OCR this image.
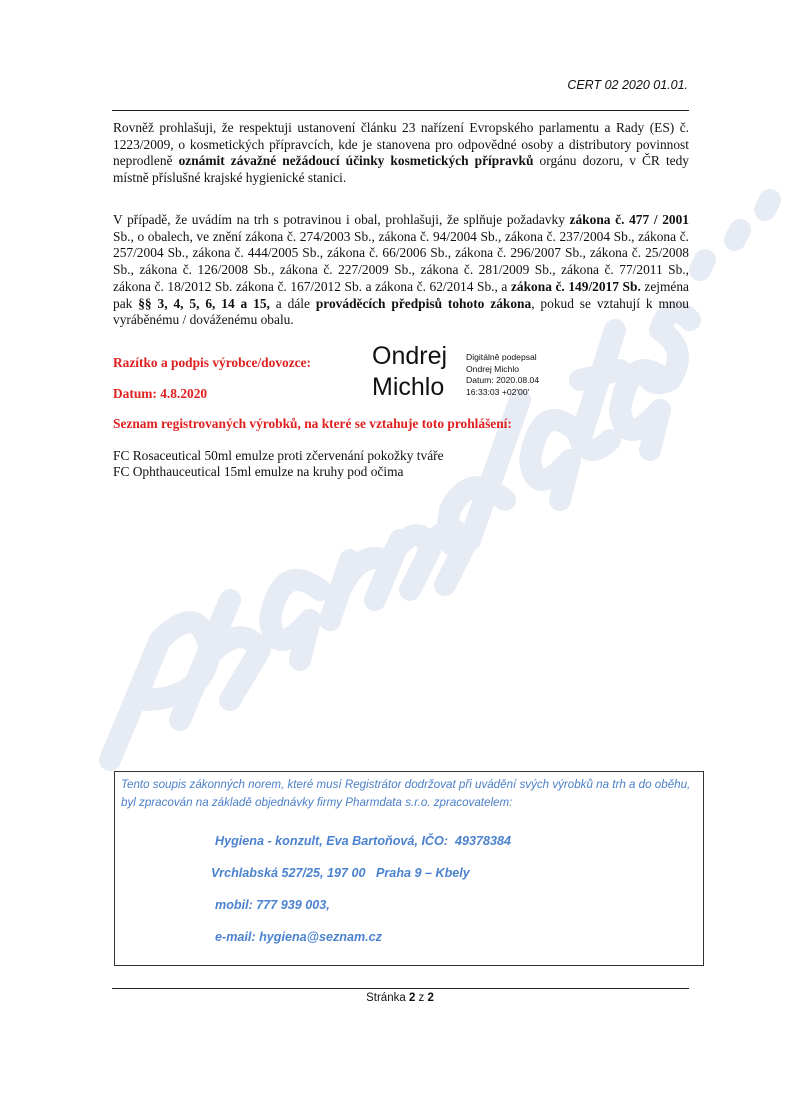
CERT 02 2020 01.01.
Rovněž prohlašuji, že respektuji ustanovení článku 23 nařízení Evropského parlamentu a Rady (ES) č. 1223/2009, o kosmetických přípravcích, kde je stanovena pro odpovědné osoby a distributory povinnost neprodleně oznámit závažné nežádoucí účinky kosmetických přípravků orgánu dozoru, v ČR tedy místně příslušné krajské hygienické stanici.
V případě, že uvádím na trh s potravinou i obal, prohlašuji, že splňuje požadavky zákona č. 477 / 2001 Sb., o obalech, ve znění zákona č. 274/2003 Sb., zákona č. 94/2004 Sb., zákona č. 237/2004 Sb., zákona č. 257/2004 Sb., zákona č. 444/2005 Sb., zákona č. 66/2006 Sb., zákona č. 296/2007 Sb., zákona č. 25/2008 Sb., zákona č. 126/2008 Sb., zákona č. 227/2009 Sb., zákona č. 281/2009 Sb., zákona č. 77/2011 Sb., zákona č. 18/2012 Sb. zákona č. 167/2012 Sb. a zákona č. 62/2014 Sb., a zákona č. 149/2017 Sb. zejména pak §§ 3, 4, 5, 6, 14 a 15, a dále prováděcích předpisů tohoto zákona, pokud se vztahují k mnou vyráběnému / dováženému obalu.
Razítko a podpis výrobce/dovozce:
Datum: 4.8.2020
Ondrej
Michlo
Digitálně podepsal
Ondrej Michlo
Datum: 2020.08.04
16:33:03 +02'00'
Seznam registrovaných výrobků, na které se vztahuje toto prohlášení:
FC Rosaceutical 50ml emulze proti zčervenání pokožky tváře
FC Ophthauceutical 15ml emulze na kruhy pod očima
Tento soupis zákonných norem, které musí Registrátor dodržovat při uvádění svých výrobků na trh a do oběhu, byl zpracován na základě objednávky firmy Pharmdata s.r.o. zpracovatelem:
Hygiena - konzult, Eva Bartoňová, IČO:  49378384
Vrchlabská 527/25, 197 00   Praha 9 – Kbely
mobil: 777 939 003,
e-mail: hygiena@seznam.cz
Stránka 2 z 2
